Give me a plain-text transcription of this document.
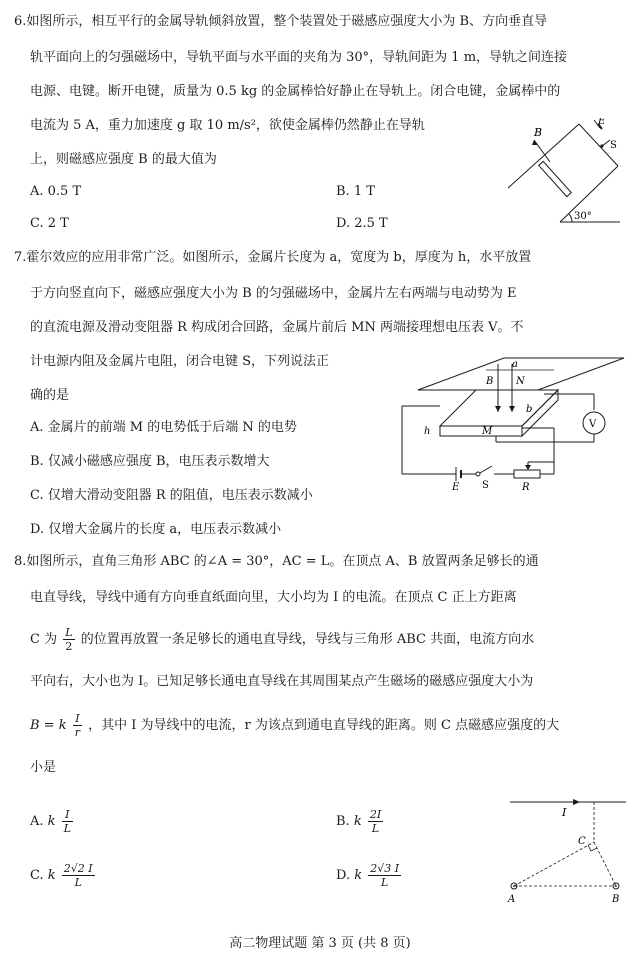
6.如图所示，相互平行的金属导轨倾斜放置，整个装置处于磁感应强度大小为 B、方向垂直导
轨平面向上的匀强磁场中，导轨平面与水平面的夹角为 30°，导轨间距为 1 m，导轨之间连接
电源、电键。断开电键，质量为 0.5 kg 的金属棒恰好静止在导轨上。闭合电键，金属棒中的
电流为 5 A，重力加速度 g 取 10 m/s²，欲使金属棒仍然静止在导轨
上，则磁感应强度 B 的最大值为
A. 0.5 T	B. 1 T
C. 2 T	D. 2.5 T
B
E
S
30°
7.霍尔效应的应用非常广泛。如图所示，金属片长度为 a，宽度为 b，厚度为 h，水平放置
于方向竖直向下，磁感应强度大小为 B 的匀强磁场中，金属片左右两端与电动势为 E
的直流电源及滑动变阻器 R 构成闭合回路，金属片前后 MN 两端接理想电压表 V。不
计电源内阻及金属片电阻，闭合电键 S，下列说法正
确的是
A. 金属片的前端 M 的电势低于后端 N 的电势
B. 仅减小磁感应强度 B，电压表示数增大
C. 仅增大滑动变阻器 R 的阻值，电压表示数减小
D. 仅增大金属片的长度 a，电压表示数减小
B N
a
b
h	M
E S	R
V
8.如图所示，直角三角形 ABC 的∠A = 30°，AC = L。在顶点 A、B 放置两条足够长的通
电直导线，导线中通有方向垂直纸面向里，大小均为 I 的电流。在顶点 C 正上方距离
C 为 $\frac{L}{2}$ 的位置再放置一条足够长的通电直导线，导线与三角形 ABC 共面，电流方向水
平向右，大小也为 I。已知足够长通电直导线在其周围某点产生磁场的磁感应强度大小为
B = k $\frac{I}{r}$ ，其中 I 为导线中的电流，r 为该点到通电直导线的距离。则 C 点磁感应强度的大
小是
A. k $\frac{I}{L}$	B. k $\frac{2I}{L}$
C. k $\frac{2√2 I}{L}$	D. k $\frac{2√3 I}{L}$
I
C
A	B
高二物理试题 第 3 页 (共 8 页)
